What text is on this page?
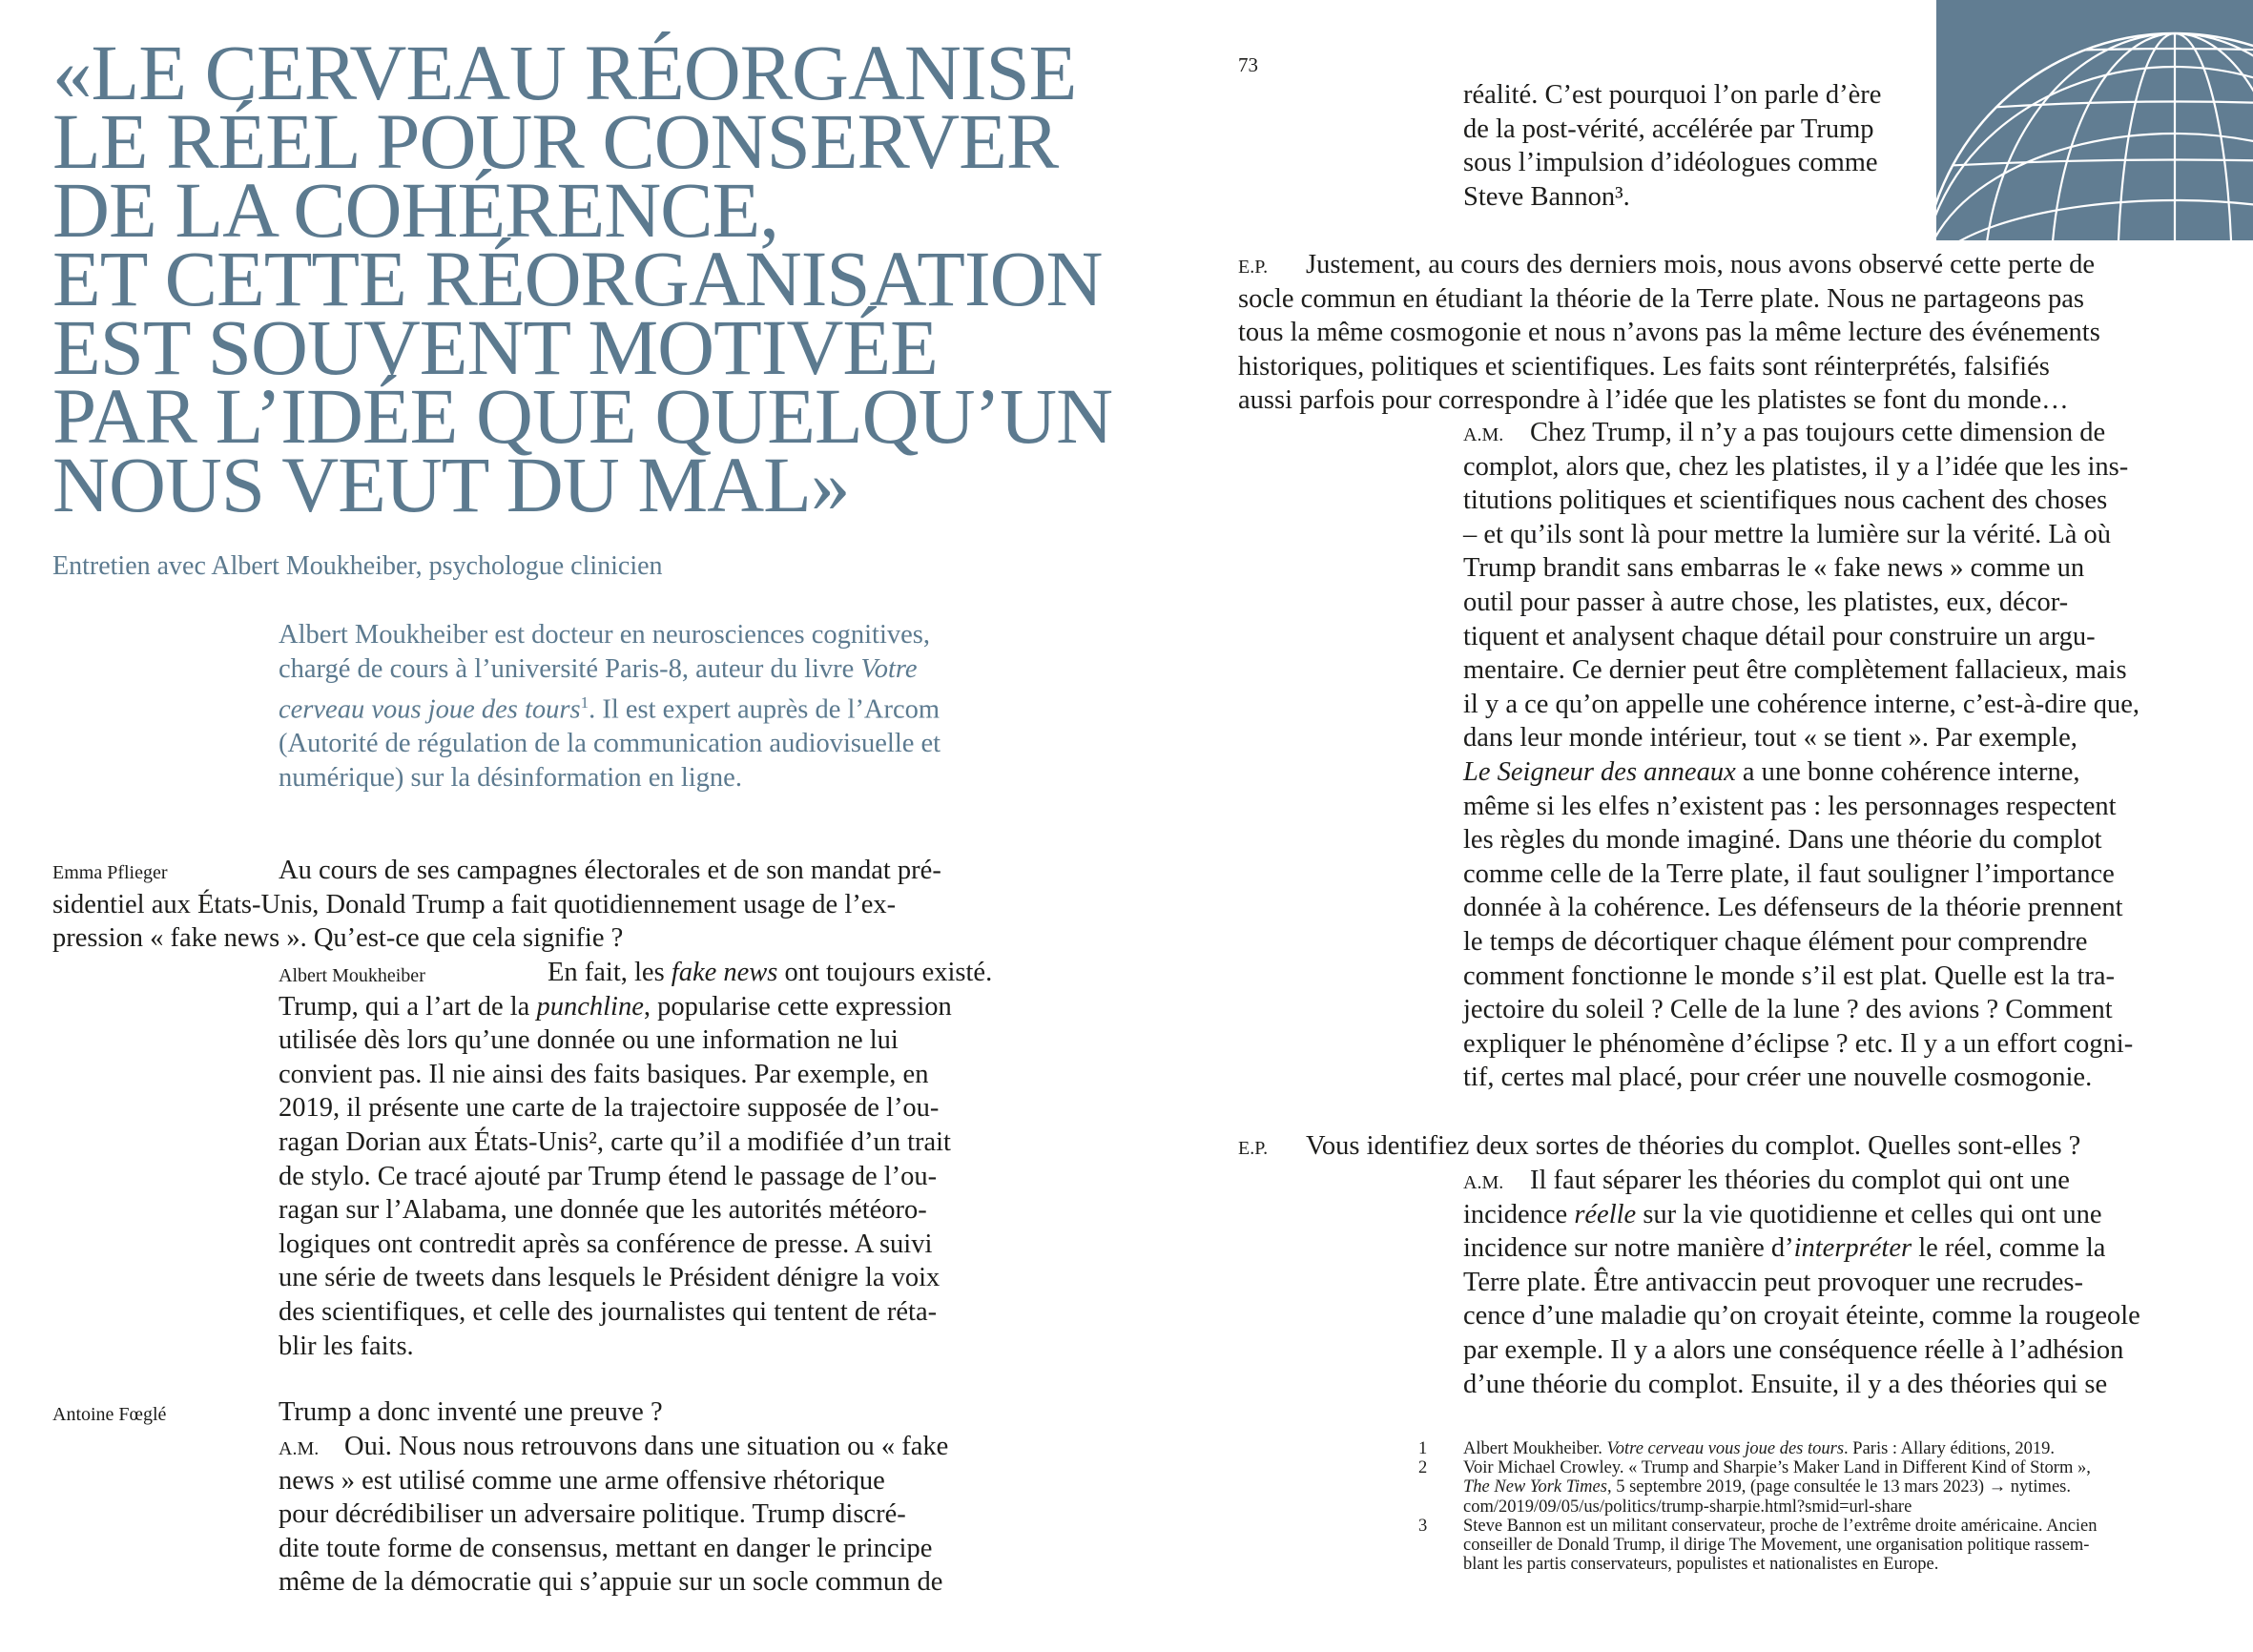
«LE CERVEAU RÉORGANISE
LE RÉEL POUR CONSERVER
DE LA COHÉRENCE,
ET CETTE RÉORGANISATION
EST SOUVENT MOTIVÉE
PAR L’IDÉE QUE QUELQU’UN
NOUS VEUT DU MAL»
Entretien avec Albert Moukheiber, psychologue clinicien
Albert Moukheiber est docteur en neurosciences cognitives,
chargé de cours à l’université Paris-8, auteur du livre Votre
cerveau vous joue des tours$^1$. Il est expert auprès de l’Arcom
(Autorité de régulation de la communication audiovisuelle et
numérique) sur la désinformation en ligne.
Emma Pflieger	Au cours de ses campagnes électorales et de son mandat pré-
sidentiel aux États-Unis, Donald Trump a fait quotidiennement usage de l’ex-
pression « fake news ». Qu’est-ce que cela signifie ?
Albert Moukheiber	En fait, les fake news ont toujours existé.
Trump, qui a l’art de la punchline, popularise cette expression
utilisée dès lors qu’une donnée ou une information ne lui
convient pas. Il nie ainsi des faits basiques. Par exemple, en
2019, il présente une carte de la trajectoire supposée de l’ou-
ragan Dorian aux États-Unis², carte qu’il a modifiée d’un trait
de stylo. Ce tracé ajouté par Trump étend le passage de l’ou-
ragan sur l’Alabama, une donnée que les autorités météoro-
logiques ont contredit après sa conférence de presse. A suivi
une série de tweets dans lesquels le Président dénigre la voix
des scientifiques, et celle des journalistes qui tentent de réta-
blir les faits.
Antoine Fœglé	Trump a donc inventé une preuve ?
A.M. Oui. Nous nous retrouvons dans une situation ou « fake
news » est utilisé comme une arme offensive rhétorique
pour décrédibiliser un adversaire politique. Trump discré-
dite toute forme de consensus, mettant en danger le principe
même de la démocratie qui s’appuie sur un socle commun de
73
réalité. C’est pourquoi l’on parle d’ère
de la post-vérité, accélérée par Trump
sous l’impulsion d’idéologues comme
Steve Bannon³.
E.P. Justement, au cours des derniers mois, nous avons observé cette perte de
socle commun en étudiant la théorie de la Terre plate. Nous ne partageons pas
tous la même cosmogonie et nous n’avons pas la même lecture des événements
historiques, politiques et scientifiques. Les faits sont réinterprétés, falsifiés
aussi parfois pour correspondre à l’idée que les platistes se font du monde…
A.M. Chez Trump, il n’y a pas toujours cette dimension de
complot, alors que, chez les platistes, il y a l’idée que les ins-
titutions politiques et scientifiques nous cachent des choses
– et qu’ils sont là pour mettre la lumière sur la vérité. Là où
Trump brandit sans embarras le « fake news » comme un
outil pour passer à autre chose, les platistes, eux, décor-
tiquent et analysent chaque détail pour construire un argu-
mentaire. Ce dernier peut être complètement fallacieux, mais
il y a ce qu’on appelle une cohérence interne, c’est-à-dire que,
dans leur monde intérieur, tout « se tient ». Par exemple,
Le Seigneur des anneaux a une bonne cohérence interne,
même si les elfes n’existent pas : les personnages respectent
les règles du monde imaginé. Dans une théorie du complot
comme celle de la Terre plate, il faut souligner l’importance
donnée à la cohérence. Les défenseurs de la théorie prennent
le temps de décortiquer chaque élément pour comprendre
comment fonctionne le monde s’il est plat. Quelle est la tra-
jectoire du soleil ? Celle de la lune ? des avions ? Comment
expliquer le phénomène d’éclipse ? etc. Il y a un effort cogni-
tif, certes mal placé, pour créer une nouvelle cosmogonie.
E.P. Vous identifiez deux sortes de théories du complot. Quelles sont-elles ?
A.M. Il faut séparer les théories du complot qui ont une
incidence réelle sur la vie quotidienne et celles qui ont une
incidence sur notre manière d’interpréter le réel, comme la
Terre plate. Être antivaccin peut provoquer une recrudes-
cence d’une maladie qu’on croyait éteinte, comme la rougeole
par exemple. Il y a alors une conséquence réelle à l’adhésion
d’une théorie du complot. Ensuite, il y a des théories qui se
1 Albert Moukheiber. Votre cerveau vous joue des tours. Paris : Allary éditions, 2019.
2 Voir Michael Crowley. « Trump and Sharpie’s Maker Land in Different Kind of Storm »,
The New York Times, 5 septembre 2019, (page consultée le 13 mars 2023) → nytimes.
com/2019/09/05/us/politics/trump-sharpie.html?smid=url-share
3 Steve Bannon est un militant conservateur, proche de l’extrême droite américaine. Ancien
conseiller de Donald Trump, il dirige The Movement, une organisation politique rassem-
blant les partis conservateurs, populistes et nationalistes en Europe.
